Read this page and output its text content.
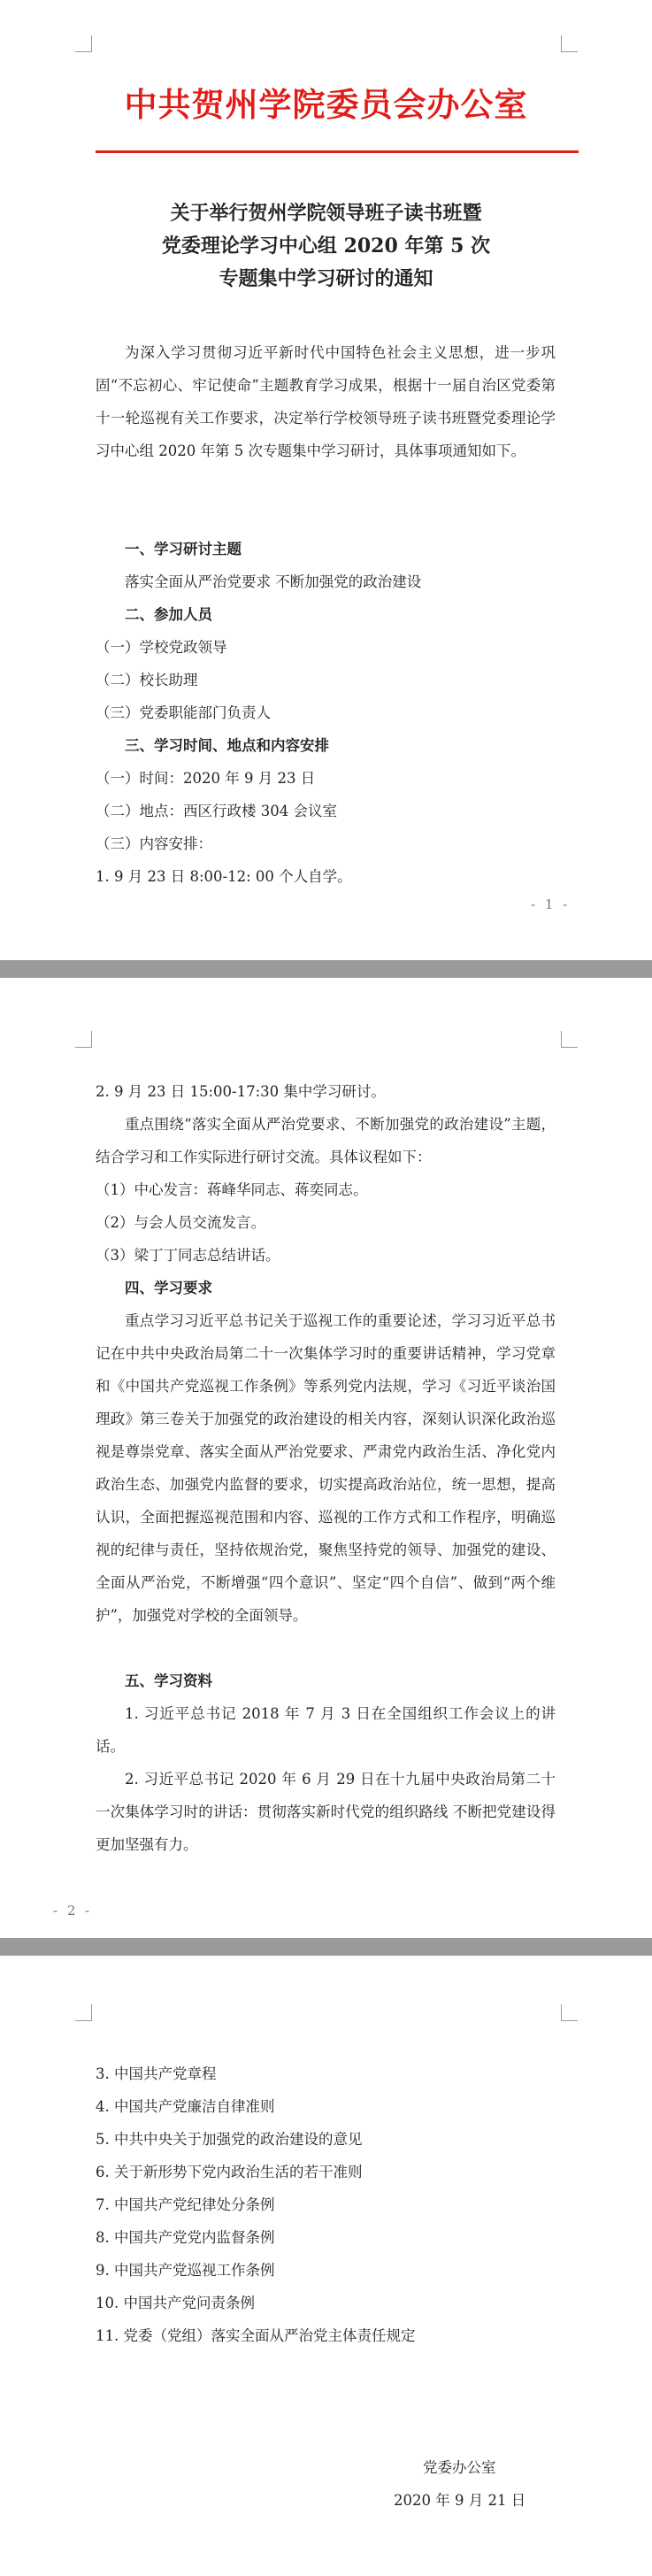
中共贺州学院委员会办公室
关于举行贺州学院领导班子读书班暨
党委理论学习中心组 2020 年第 5 次
专题集中学习研讨的通知

为深入学习贯彻习近平新时代中国特色社会主义思想，进一步巩固“不忘初心、牢记使命”主题教育学习成果，根据十一届自治区党委第十一轮巡视有关工作要求，决定举行学校领导班子读书班暨党委理论学习中心组 2020 年第 5 次专题集中学习研讨，具体事项通知如下。

一、学习研讨主题
落实全面从严治党要求 不断加强党的政治建设
二、参加人员
（一）学校党政领导
（二）校长助理
（三）党委职能部门负责人
三、学习时间、地点和内容安排
（一）时间：2020 年 9 月 23 日
（二）地点：西区行政楼 304 会议室
（三）内容安排：
1. 9 月 23 日 8:00-12: 00 个人自学。
- 1 -
2. 9 月 23 日 15:00-17:30 集中学习研讨。

重点围绕“落实全面从严治党要求、不断加强党的政治建设”主题，结合学习和工作实际进行研讨交流。具体议程如下：

（1）中心发言：蒋峰华同志、蒋奕同志。
（2）与会人员交流发言。
（3）梁丁丁同志总结讲话。
四、学习要求

重点学习习近平总书记关于巡视工作的重要论述，学习习近平总书记在中共中央政治局第二十一次集体学习时的重要讲话精神，学习党章和《中国共产党巡视工作条例》等系列党内法规，学习《习近平谈治国理政》第三卷关于加强党的政治建设的相关内容，深刻认识深化政治巡视是尊崇党章、落实全面从严治党要求、严肃党内政治生活、净化党内政治生态、加强党内监督的要求，切实提高政治站位，统一思想，提高认识，全面把握巡视范围和内容、巡视的工作方式和工作程序，明确巡视的纪律与责任，坚持依规治党，聚焦坚持党的领导、加强党的建设、全面从严治党，不断增强“四个意识”、坚定“四个自信”、做到“两个维护”，加强党对学校的全面领导。

五、学习资料

1. 习近平总书记 2018 年 7 月 3 日在全国组织工作会议上的讲话。

2. 习近平总书记 2020 年 6 月 29 日在十九届中央政治局第二十一次集体学习时的讲话：贯彻落实新时代党的组织路线 不断把党建设得更加坚强有力。

- 2 -
3. 中国共产党章程
4. 中国共产党廉洁自律准则
5. 中共中央关于加强党的政治建设的意见
6. 关于新形势下党内政治生活的若干准则
7. 中国共产党纪律处分条例
8. 中国共产党党内监督条例
9. 中国共产党巡视工作条例
10. 中国共产党问责条例
11. 党委（党组）落实全面从严治党主体责任规定
党委办公室
2020 年 9 月 21 日
